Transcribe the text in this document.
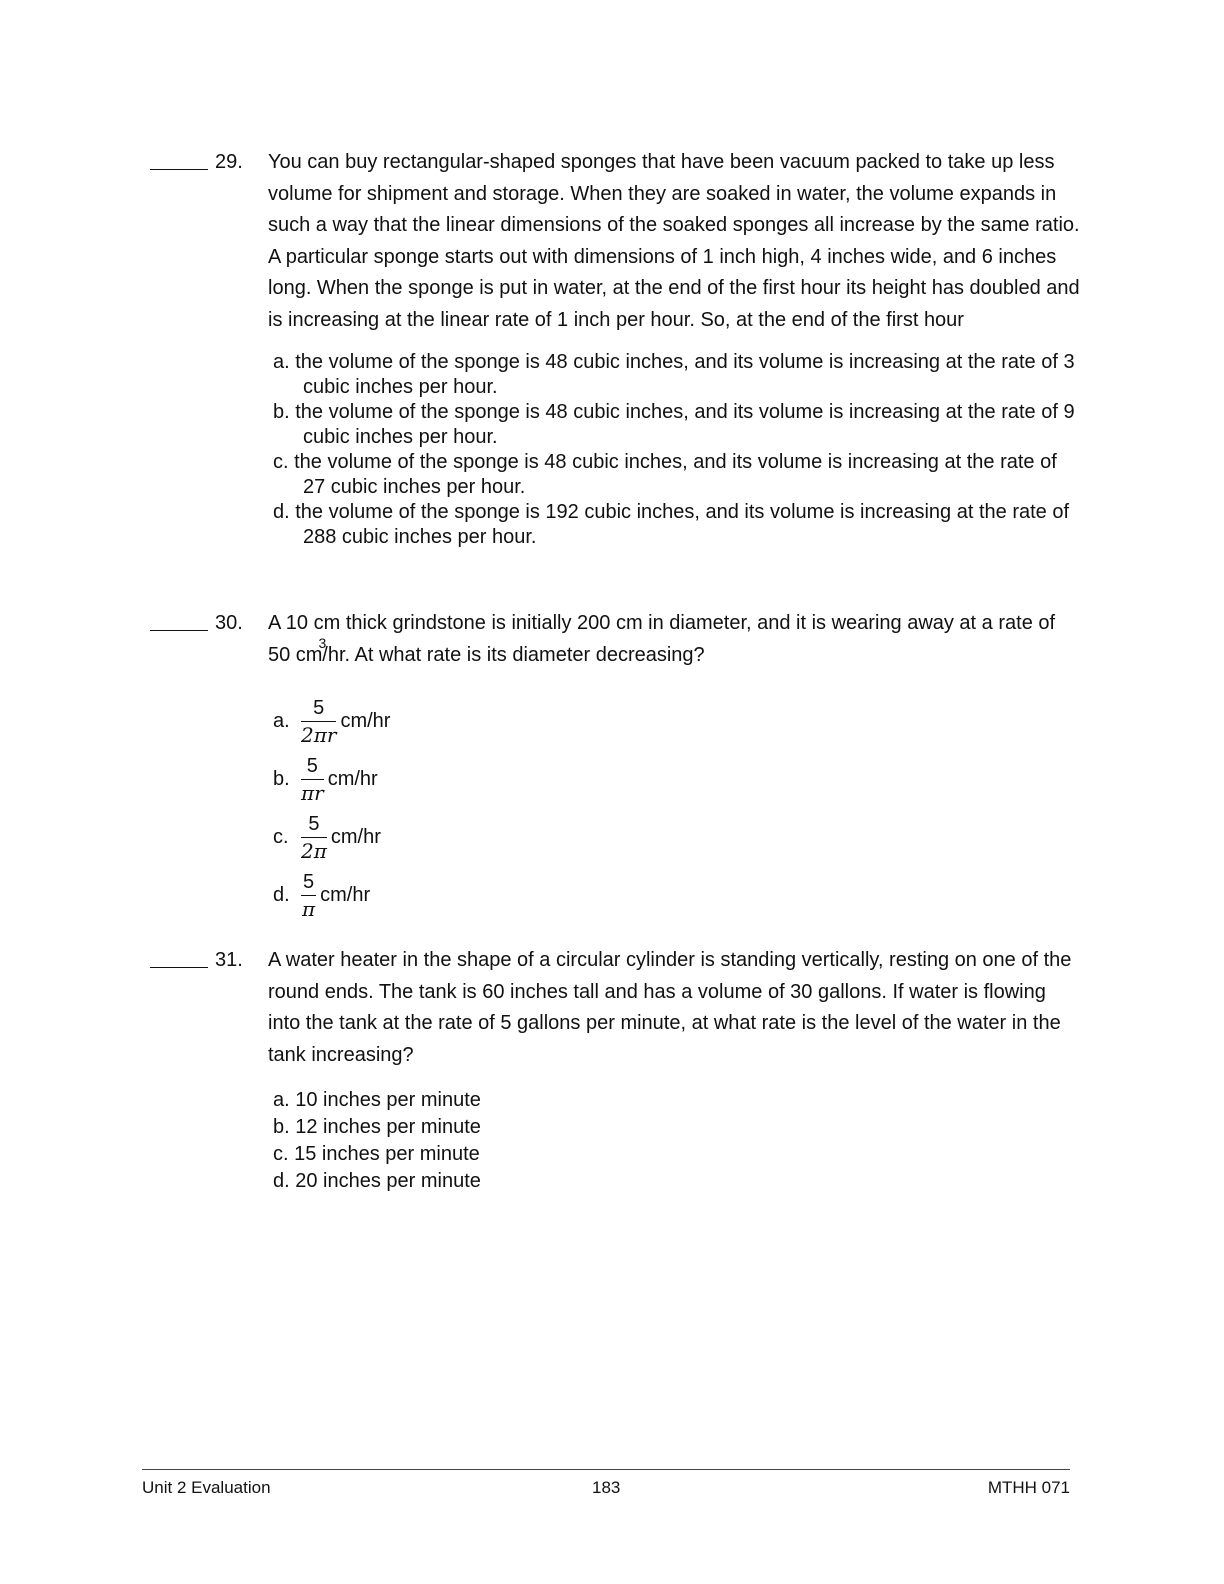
29. You can buy rectangular-shaped sponges that have been vacuum packed to take up less volume for shipment and storage. When they are soaked in water, the volume expands in such a way that the linear dimensions of the soaked sponges all increase by the same ratio. A particular sponge starts out with dimensions of 1 inch high, 4 inches wide, and 6 inches long. When the sponge is put in water, at the end of the first hour its height has doubled and is increasing at the linear rate of 1 inch per hour. So, at the end of the first hour
a. the volume of the sponge is 48 cubic inches, and its volume is increasing at the rate of 3 cubic inches per hour.
b. the volume of the sponge is 48 cubic inches, and its volume is increasing at the rate of 9 cubic inches per hour.
c. the volume of the sponge is 48 cubic inches, and its volume is increasing at the rate of 27 cubic inches per hour.
d. the volume of the sponge is 192 cubic inches, and its volume is increasing at the rate of 288 cubic inches per hour.
30. A 10 cm thick grindstone is initially 200 cm in diameter, and it is wearing away at a rate of
50 $cm^3/hr$. At what rate is its diameter decreasing?
a. $\frac{5}{2\pi r} cm/hr$
b. $\frac{5}{\pi r} cm/hr$
c. $\frac{5}{2\pi} cm/hr$
d. $\frac{5}{\pi} cm/hr$
31. A water heater in the shape of a circular cylinder is standing vertically, resting on one of the round ends. The tank is 60 inches tall and has a volume of 30 gallons. If water is flowing into the tank at the rate of 5 gallons per minute, at what rate is the level of the water in the tank increasing?
a. 10 inches per minute
b. 12 inches per minute
c. 15 inches per minute
d. 20 inches per minute
Unit 2 Evaluation	183	MTHH 071
